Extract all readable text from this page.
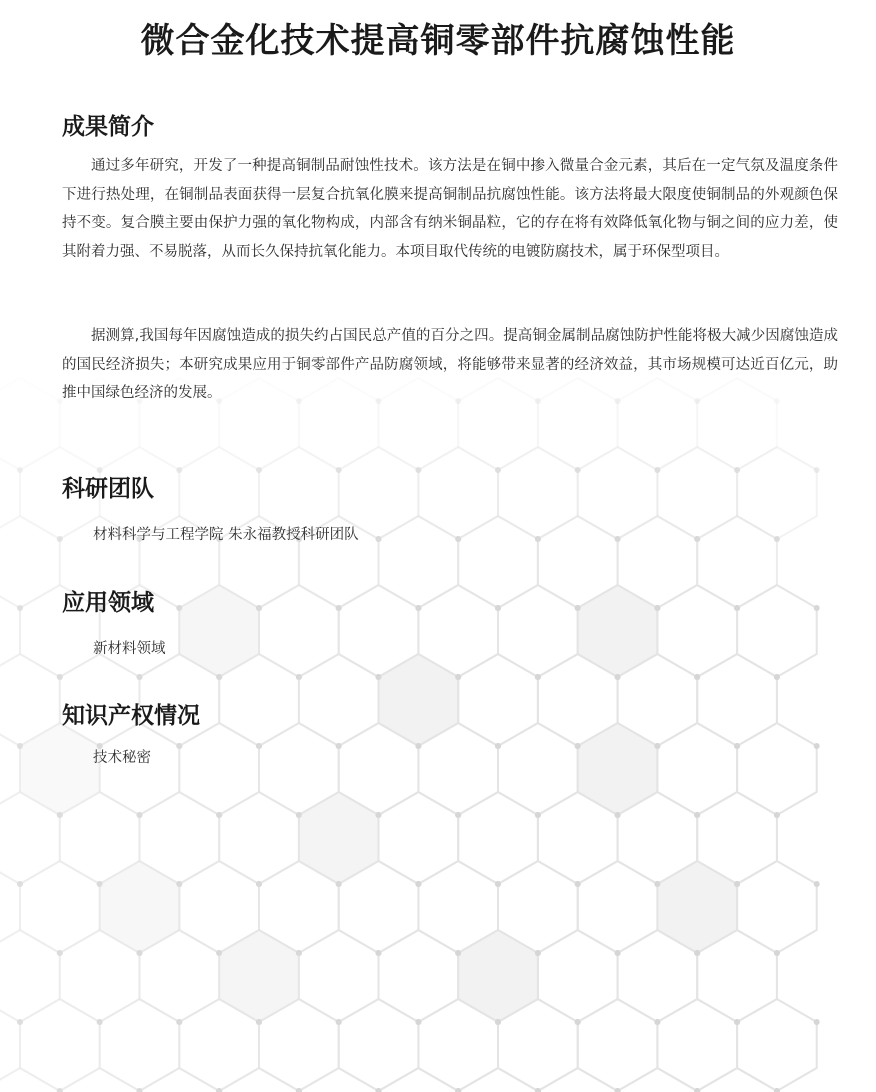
微合金化技术提高铜零部件抗腐蚀性能
成果简介

通过多年研究，开发了一种提高铜制品耐蚀性技术。该方法是在铜中掺入微量合金元素，其后在一定气氛及温度条件下进行热处理，在铜制品表面获得一层复合抗氧化膜来提高铜制品抗腐蚀性能。该方法将最大限度使铜制品的外观颜色保持不变。复合膜主要由保护力强的氧化物构成，内部含有纳米铜晶粒，它的存在将有效降低氧化物与铜之间的应力差，使其附着力强、不易脱落，从而长久保持抗氧化能力。本项目取代传统的电镀防腐技术，属于环保型项目。

据测算,我国每年因腐蚀造成的损失约占国民总产值的百分之四。提高铜金属制品腐蚀防护性能将极大减少因腐蚀造成的国民经济损失；本研究成果应用于铜零部件产品防腐领域，将能够带来显著的经济效益，其市场规模可达近百亿元，助推中国绿色经济的发展。

科研团队

材料科学与工程学院 朱永福教授科研团队

应用领域

新材料领域

知识产权情况

技术秘密
